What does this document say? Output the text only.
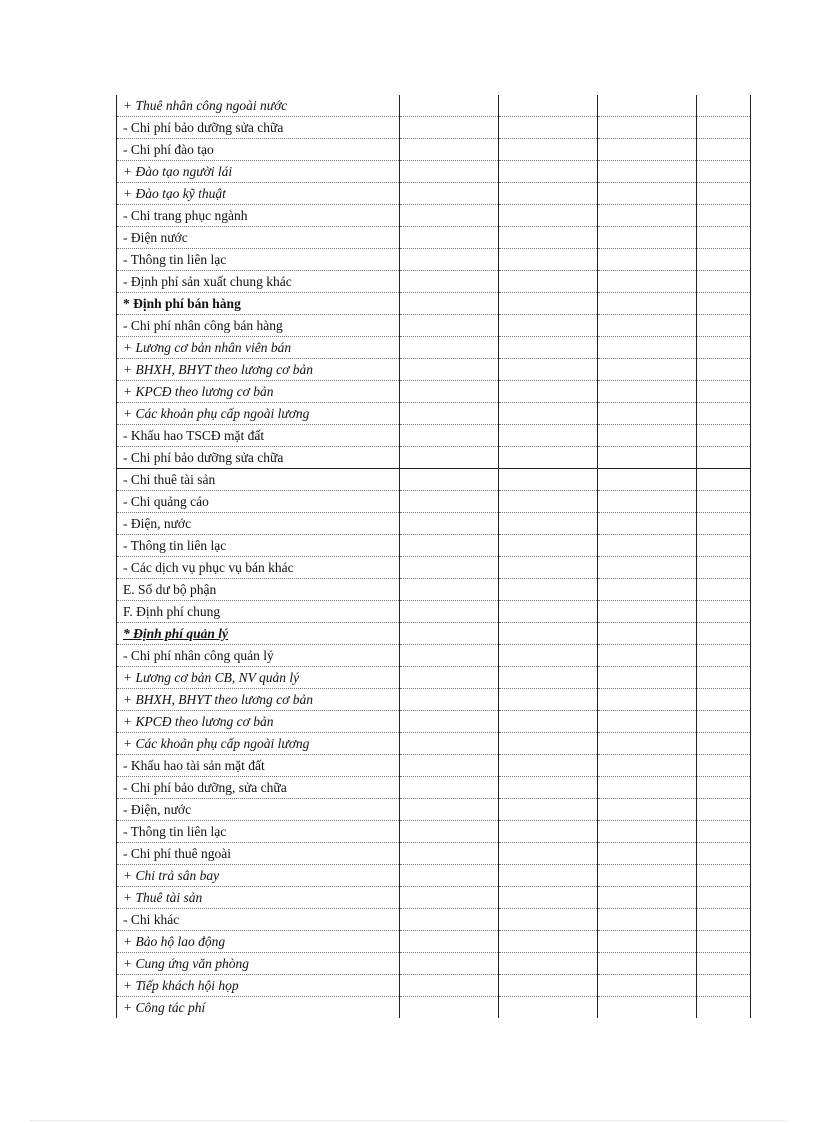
+ Thuê nhân công ngoài nước				
- Chi phí bảo dưỡng sửa chữa				
- Chi phí đào tạo				
+ Đào tạo người lái				
+ Đào tạo kỹ thuật				
- Chi trang phục ngành				
- Điện nước				
- Thông tin liên lạc				
- Định phí sản xuất chung khác				
* Định phí bán hàng				
- Chi phí nhân công bán hàng				
+ Lương cơ bản nhân viên bán				
+ BHXH, BHYT theo lương cơ bản				
+ KPCĐ theo lương cơ bản				
+ Các khoản phụ cấp ngoài lương				
- Khấu hao TSCĐ mặt đất				
- Chi phí bảo dưỡng sửa chữa				
- Chi thuê tài sản				
- Chi quảng cáo				
- Điện, nước				
- Thông tin liên lạc				
- Các dịch vụ phục vụ bán khác				
E. Số dư bộ phận				
F. Định phí chung				
* Định phí quản lý				
- Chi phí nhân công quản lý				
+ Lương cơ bản CB, NV quản lý				
+ BHXH, BHYT theo lương cơ bản				
+ KPCĐ theo lương cơ bản				
+ Các khoản phụ cấp ngoài lương				
- Khấu hao tài sản mặt đất				
- Chi phí bảo dưỡng, sửa chữa				
- Điện, nước				
- Thông tin liên lạc				
- Chi phí thuê ngoài				
+ Chi trả sân bay				
+ Thuê tài sản				
- Chi khác				
+ Bảo hộ lao động				
+ Cung ứng văn phòng				
+ Tiếp khách hội họp				
+ Công tác phí				
